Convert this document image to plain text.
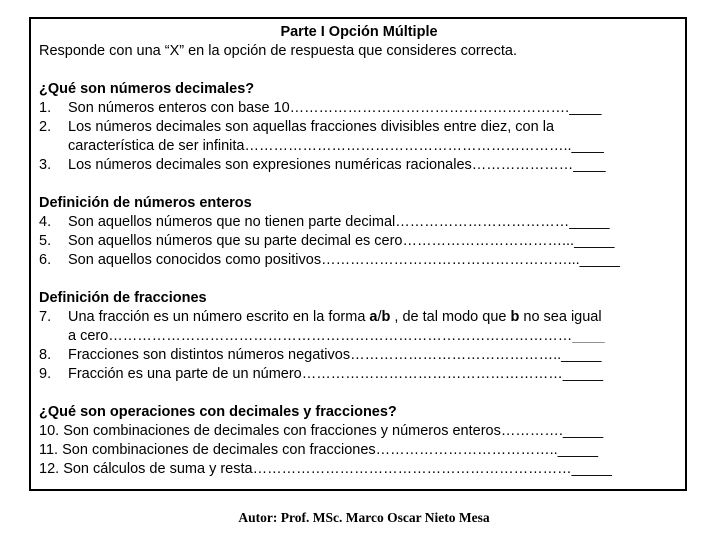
Parte I Opción Múltiple
Responde con una “X” en la opción de respuesta que consideres correcta.
¿Qué son números decimales?
1. Son números enteros con base 10………………………………………………….____
2. Los números decimales son aquellas fracciones divisibles entre diez, con la
característica de ser infinita…………………………………………………………..____
3. Los números decimales son expresiones numéricas racionales…………………____
Definición de números enteros
4. Son aquellos números que no tienen parte decimal………………………………_____
5. Son aquellos números que su parte decimal es cero……………………………..._____
6. Son aquellos conocidos como positivos……………………………………………..._____
Definición de fracciones
7. Una fracción es un número escrito en la forma a/b , de tal modo que b no sea igual
a cero……………………………………………………………………………………____
8. Fracciones son distintos números negativos…………………………………….._____
9. Fracción es una parte de un número………………………………………………_____
¿Qué son operaciones con decimales y fracciones?
10. Son combinaciones de decimales con fracciones y números enteros…………._____
11. Son combinaciones de decimales con fracciones……………………………….._____
12. Son cálculos de suma y resta…………………………………………………………_____
Autor: Prof. MSc. Marco Oscar Nieto Mesa
